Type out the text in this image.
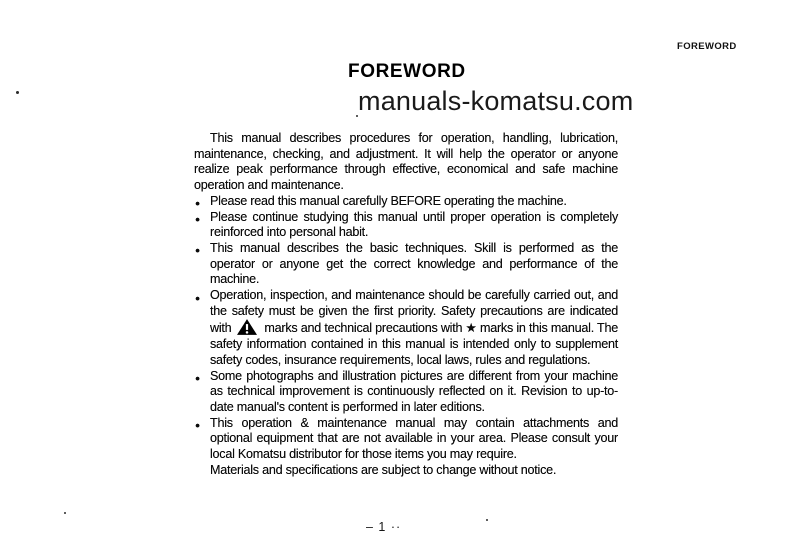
FOREWORD
FOREWORD
manuals-komatsu.com

This manual describes procedures for operation, handling, lubrication, maintenance, checking, and adjustment. It will help the operator or anyone realize peak performance through effective, economical and safe machine operation and maintenance.

● Please read this manual carefully BEFORE operating the machine.
● Please continue studying this manual until proper operation is completely reinforced into personal habit.
● This manual describes the basic techniques. Skill is performed as the operator or anyone get the correct knowledge and performance of the machine.
● Operation, inspection, and maintenance should be carefully carried out, and the safety must be given the first priority. Safety precautions are indicated with	marks and technical precautions with ★ marks in this manual. The safety information contained in this manual is intended only to supplement safety codes, insurance requirements, local laws, rules and regulations.
● Some photographs and illustration pictures are different from your machine as technical improvement is continuously reflected on it. Revision to up-to-date manual's content is performed in later editions.
● This operation & maintenance manual may contain attachments and optional equipment that are not available in your area. Please consult your local Komatsu distributor for those items you may require.
Materials and specifications are subject to change without notice.
– 1 ··
